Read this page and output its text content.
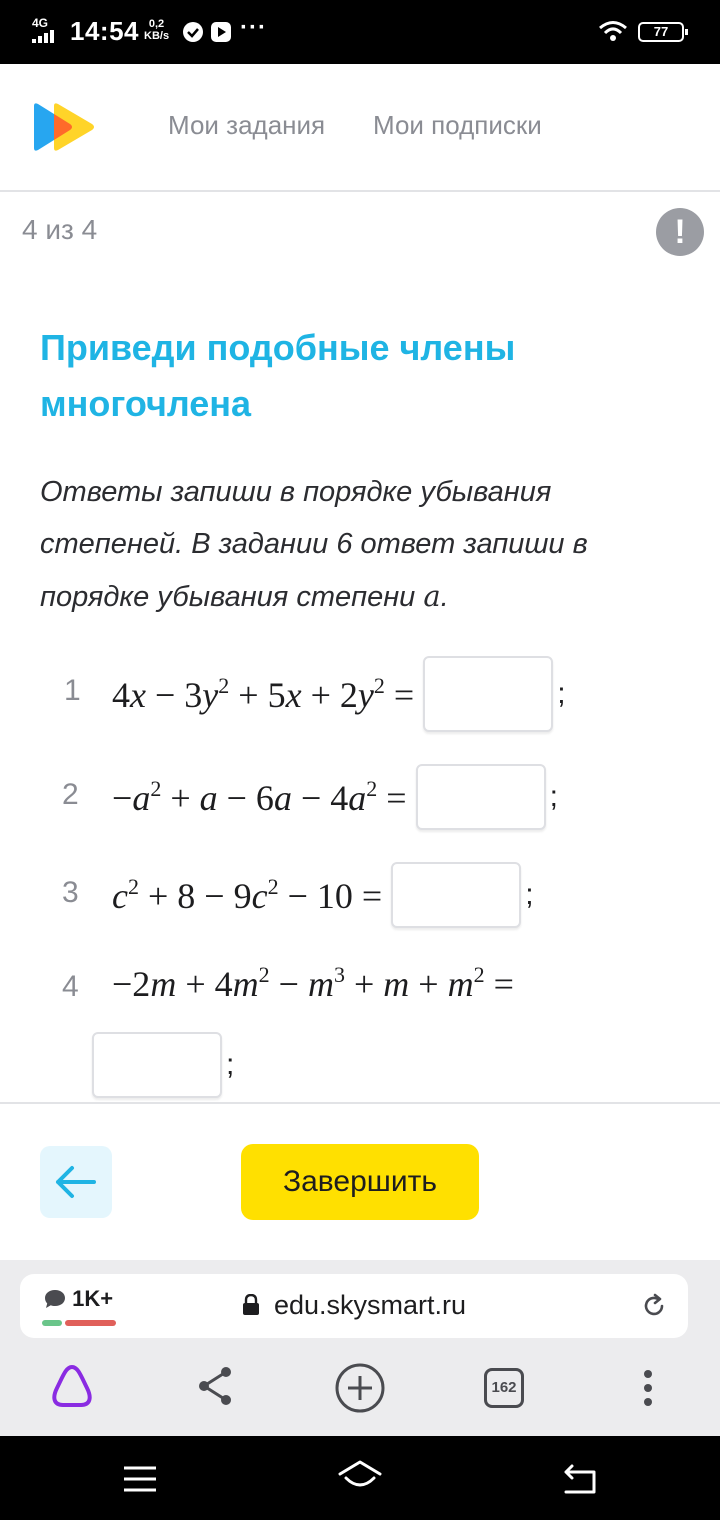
4G 14:54 0,2
KB/s	···	77
Мои задания Мои подписки
4 из 4	!
Приведи подобные члены многочлена
Ответы запиши в порядке убывания степеней. В задании 6 ответ запиши в порядке убывания степени a.
1 $4x - 3y^2 + 5x + 2y^2$ =	;
$2 -a^2 + a - 6a - 4a^2$ =	;
3 $c^2 + 8 - 9c^2 - 10$ =	;
$4 -2m + 4m^2 - m^3 + m + m^2$ =
;
Завершить
1K+	edu.skysmart.ru
162
